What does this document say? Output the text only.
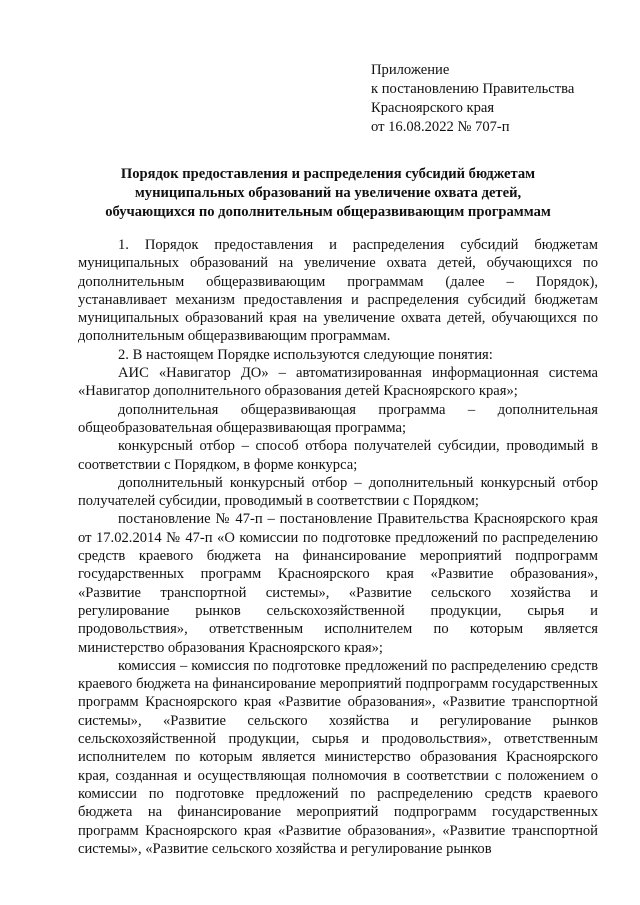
Приложение
к постановлению Правительства
Красноярского края
от 16.08.2022 № 707-п
Порядок предоставления и распределения субсидий бюджетам
муниципальных образований на увеличение охвата детей,
обучающихся по дополнительным общеразвивающим программам

1. Порядок предоставления и распределения субсидий бюджетам муниципальных образований на увеличение охвата детей, обучающихся по дополнительным общеразвивающим программам (далее – Порядок), устанавливает механизм предоставления и распределения субсидий бюджетам муниципальных образований края на увеличение охвата детей, обучающихся по дополнительным общеразвивающим программам.

2. В настоящем Порядке используются следующие понятия:

АИС «Навигатор ДО» – автоматизированная информационная система «Навигатор дополнительного образования детей Красноярского края»;

дополнительная общеразвивающая программа – дополнительная общеобразовательная общеразвивающая программа;

конкурсный отбор – способ отбора получателей субсидии, проводимый в соответствии с Порядком, в форме конкурса;

дополнительный конкурсный отбор – дополнительный конкурсный отбор получателей субсидии, проводимый в соответствии с Порядком;

постановление № 47-п – постановление Правительства Красноярского края от 17.02.2014 № 47-п «О комиссии по подготовке предложений по распределению средств краевого бюджета на финансирование мероприятий подпрограмм государственных программ Красноярского края «Развитие образования», «Развитие транспортной системы», «Развитие сельского хозяйства и регулирование рынков сельскохозяйственной продукции, сырья и продовольствия», ответственным исполнителем по которым является министерство образования Красноярского края»;

комиссия – комиссия по подготовке предложений по распределению средств краевого бюджета на финансирование мероприятий подпрограмм государственных программ Красноярского края «Развитие образования», «Развитие транспортной системы», «Развитие сельского хозяйства и регулирование рынков сельскохозяйственной продукции, сырья и продовольствия», ответственным исполнителем по которым является министерство образования Красноярского края, созданная и осуществляющая полномочия в соответствии с положением о комиссии по подготовке предложений по распределению средств краевого бюджета на финансирование мероприятий подпрограмм государственных программ Красноярского края «Развитие образования», «Развитие транспортной системы», «Развитие сельского хозяйства и регулирование рынков
